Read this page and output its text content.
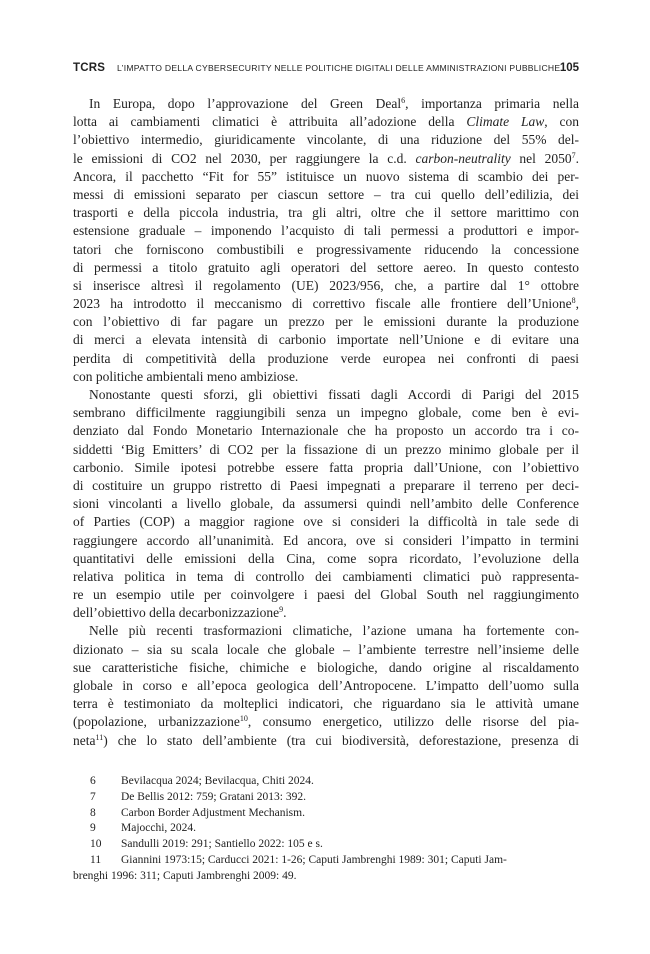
TCRS L’IMPATTO DELLA CYBERSECURITY NELLE POLITICHE DIGITALI DELLE AMMINISTRAZIONI PUBBLICHE 105
In Europa, dopo l’approvazione del Green Deal$^6$, importanza primaria nella
lotta ai cambiamenti climatici è attribuita all’adozione della Climate Law, con
l’obiettivo intermedio, giuridicamente vincolante, di una riduzione del 55% del-
le emissioni di CO2 nel 2030, per raggiungere la c.d. carbon-neutrality nel 2050$^7$.
Ancora, il pacchetto “Fit for 55” istituisce un nuovo sistema di scambio dei per-
messi di emissioni separato per ciascun settore – tra cui quello dell’edilizia, dei
trasporti e della piccola industria, tra gli altri, oltre che il settore marittimo con
estensione graduale – imponendo l’acquisto di tali permessi a produttori e impor-
tatori che forniscono combustibili e progressivamente riducendo la concessione
di permessi a titolo gratuito agli operatori del settore aereo. In questo contesto
si inserisce altresì il regolamento (UE) 2023/956, che, a partire dal 1° ottobre
2023 ha introdotto il meccanismo di correttivo fiscale alle frontiere dell’Unione$^8$,
con l’obiettivo di far pagare un prezzo per le emissioni durante la produzione
di merci a elevata intensità di carbonio importate nell’Unione e di evitare una
perdita di competitività della produzione verde europea nei confronti di paesi
con politiche ambientali meno ambiziose.
Nonostante questi sforzi, gli obiettivi fissati dagli Accordi di Parigi del 2015
sembrano difficilmente raggiungibili senza un impegno globale, come ben è evi-
denziato dal Fondo Monetario Internazionale che ha proposto un accordo tra i co-
siddetti ‘Big Emitters’ di CO2 per la fissazione di un prezzo minimo globale per il
carbonio. Simile ipotesi potrebbe essere fatta propria dall’Unione, con l’obiettivo
di costituire un gruppo ristretto di Paesi impegnati a preparare il terreno per deci-
sioni vincolanti a livello globale, da assumersi quindi nell’ambito delle Conference
of Parties (COP) a maggior ragione ove si consideri la difficoltà in tale sede di
raggiungere accordo all’unanimità. Ed ancora, ove si consideri l’impatto in termini
quantitativi delle emissioni della Cina, come sopra ricordato, l’evoluzione della
relativa politica in tema di controllo dei cambiamenti climatici può rappresenta-
re un esempio utile per coinvolgere i paesi del Global South nel raggiungimento
dell’obiettivo della decarbonizzazione$^9$.
Nelle più recenti trasformazioni climatiche, l’azione umana ha fortemente con-
dizionato – sia su scala locale che globale – l’ambiente terrestre nell’insieme delle
sue caratteristiche fisiche, chimiche e biologiche, dando origine al riscaldamento
globale in corso e all’epoca geologica dell’Antropocene. L’impatto dell’uomo sulla
terra è testimoniato da molteplici indicatori, che riguardano sia le attività umane
(popolazione, urbanizzazione$^{10}$, consumo energetico, utilizzo delle risorse del pia-
neta$^{11}$) che lo stato dell’ambiente (tra cui biodiversità, deforestazione, presenza di
6	Bevilacqua 2024; Bevilacqua, Chiti 2024.
7	De Bellis 2012: 759; Gratani 2013: 392.
8	Carbon Border Adjustment Mechanism.
9	Majocchi, 2024.
10	Sandulli 2019: 291; Santiello 2022: 105 e s.
11	Giannini 1973:15; Carducci 2021: 1-26; Caputi Jambrenghi 1989: 301; Caputi Jam-
brenghi 1996: 311; Caputi Jambrenghi 2009: 49.
